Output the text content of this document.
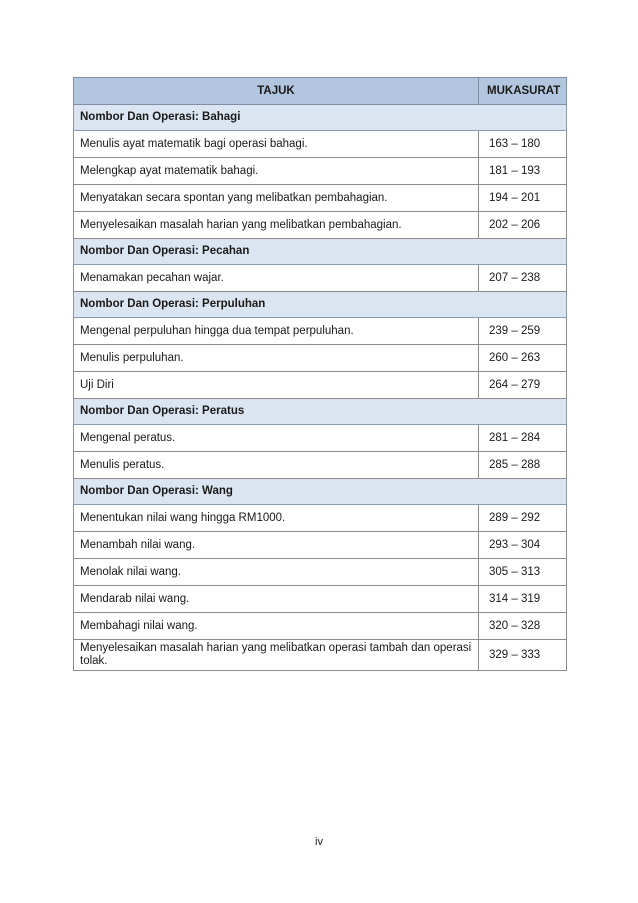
TAJUK	MUKASURAT
Nombor Dan Operasi: Bahagi	
Menulis ayat matematik bagi operasi bahagi.	163 – 180
Melengkap ayat matematik bahagi.	181 – 193
Menyatakan secara spontan yang melibatkan pembahagian.	194 – 201
Menyelesaikan masalah harian yang melibatkan pembahagian.	202 – 206
Nombor Dan Operasi: Pecahan	
Menamakan pecahan wajar.	207 – 238
Nombor Dan Operasi: Perpuluhan	
Mengenal perpuluhan hingga dua tempat perpuluhan.	239 – 259
Menulis perpuluhan.	260 – 263
Uji Diri	264 – 279
Nombor Dan Operasi: Peratus	
Mengenal peratus.	281 – 284
Menulis peratus.	285 – 288
Nombor Dan Operasi: Wang	
Menentukan nilai wang hingga RM1000.	289 – 292
Menambah nilai wang.	293 – 304
Menolak nilai wang.	305 – 313
Mendarab nilai wang.	314 – 319
Membahagi nilai wang.	320 – 328
Menyelesaikan masalah harian yang melibatkan operasi tambah dan operasi tolak.	329 – 333
iv
